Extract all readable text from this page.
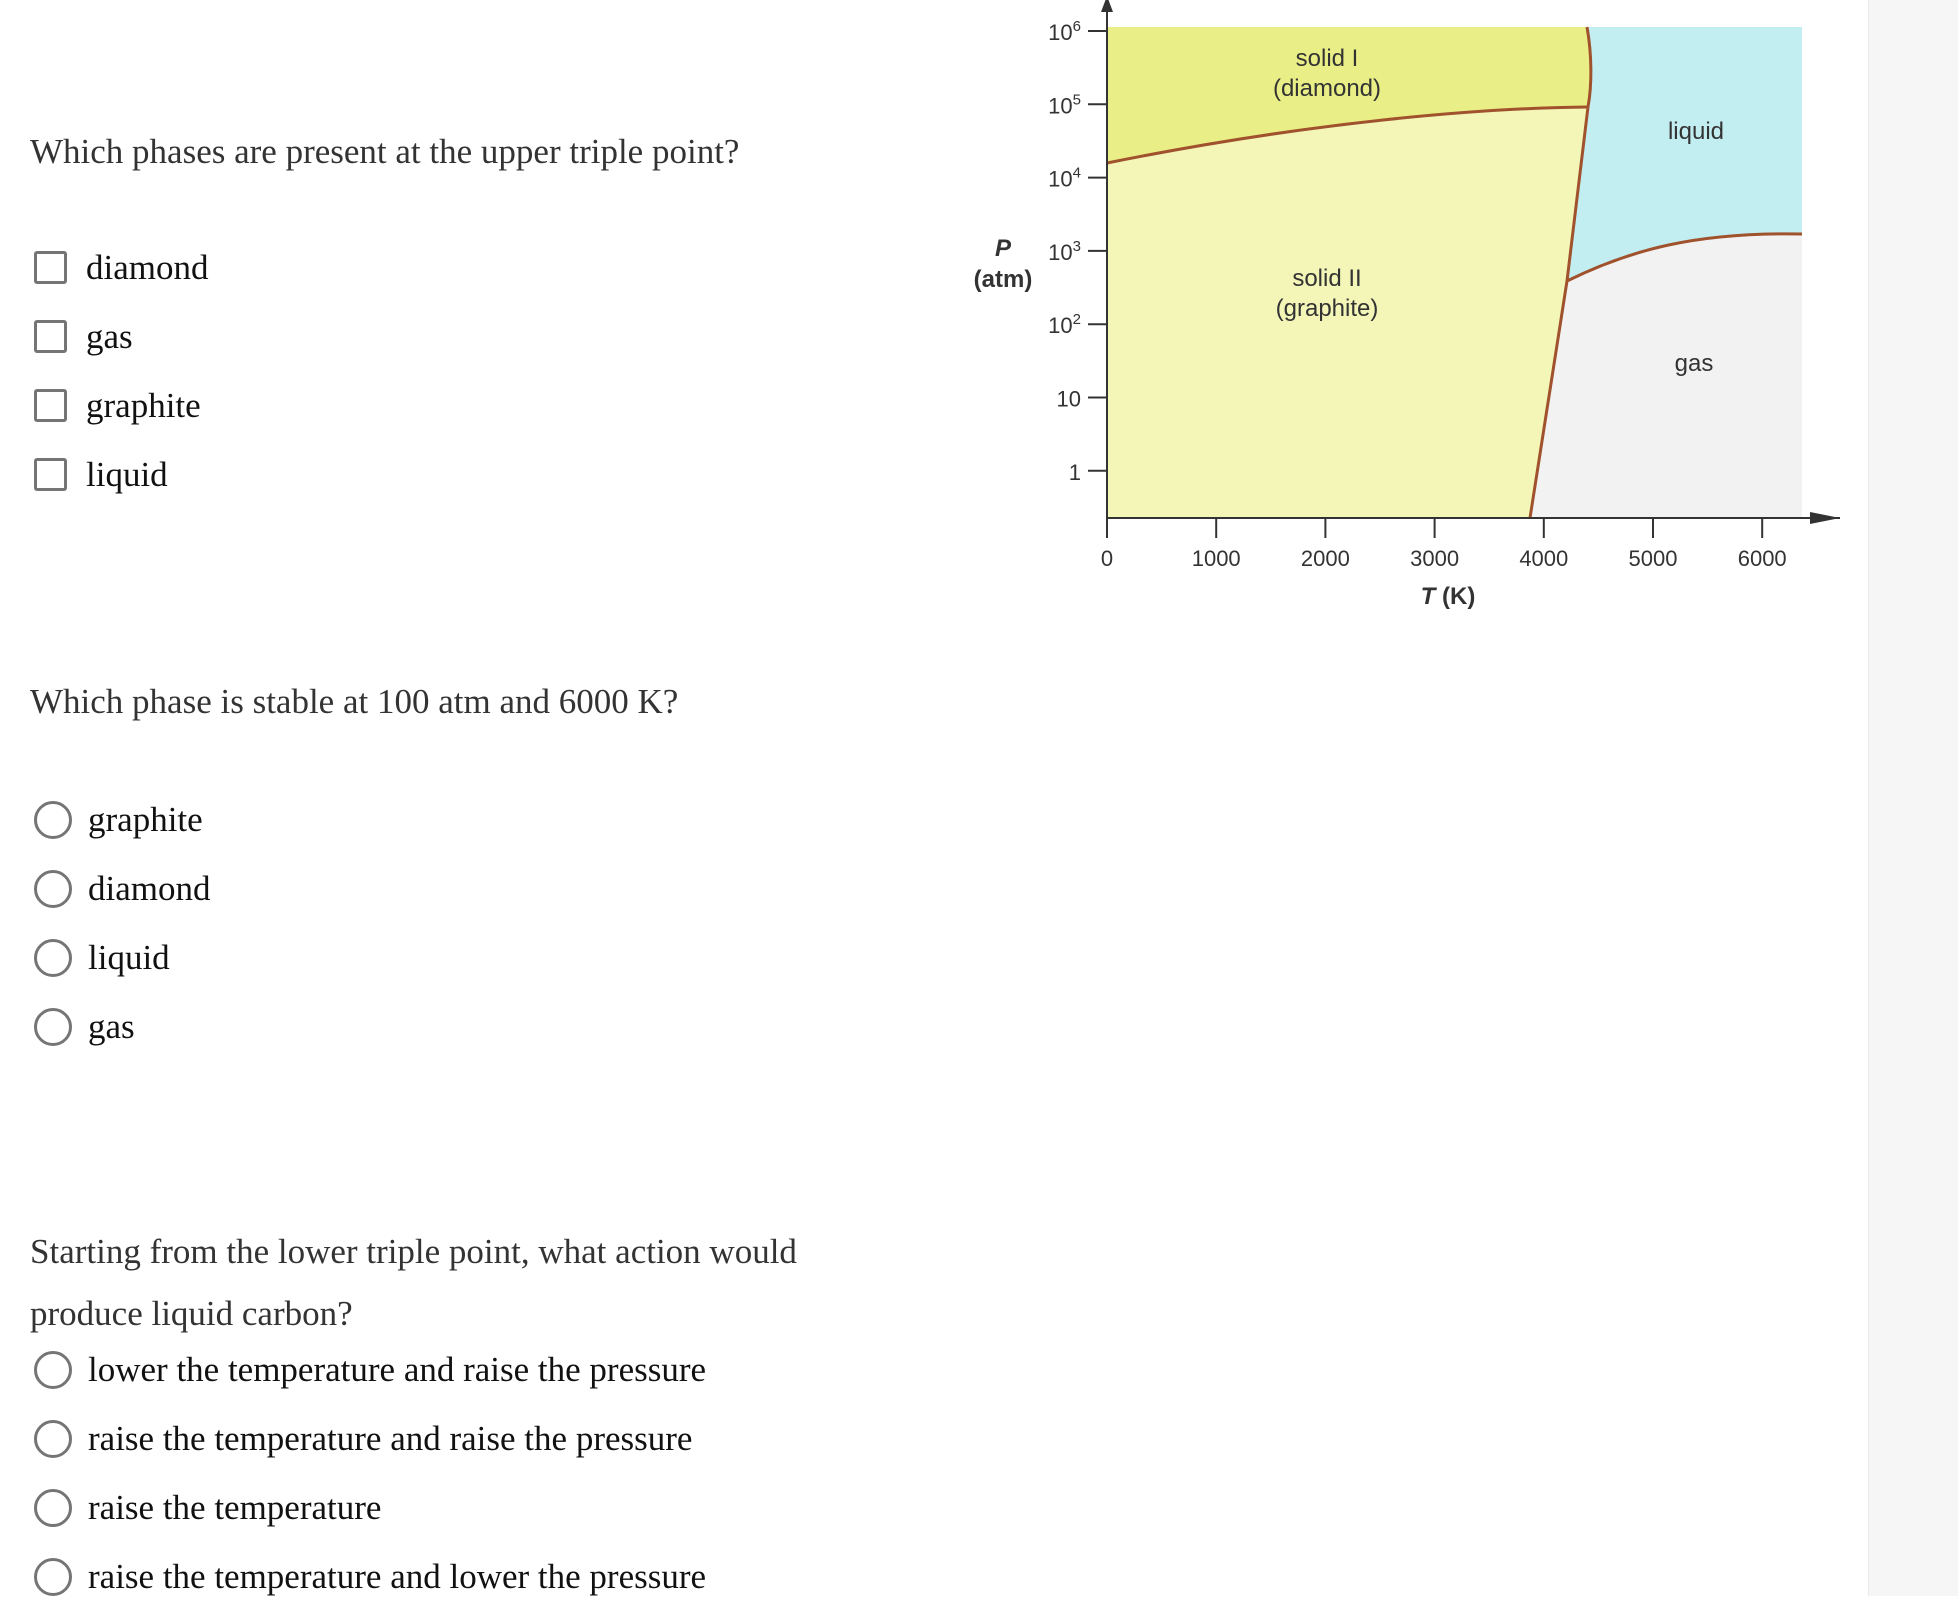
Which phases are present at the upper triple point?
diamond
gas
graphite
liquid
Which phase is stable at 100 atm and 6000 K?
graphite
diamond
liquid
gas
Starting from the lower triple point, what action would
produce liquid carbon?
lower the temperature and raise the pressure
raise the temperature and raise the pressure
raise the temperature
raise the temperature and lower the pressure
$10^6$
$10^5$
$10^4$
$10^3$
$10^2$
10
1
0	1000	2000	3000	4000	5000	6000
P
(atm)
T (K)
solid I
(diamond)
solid II
(graphite)
liquid
gas
